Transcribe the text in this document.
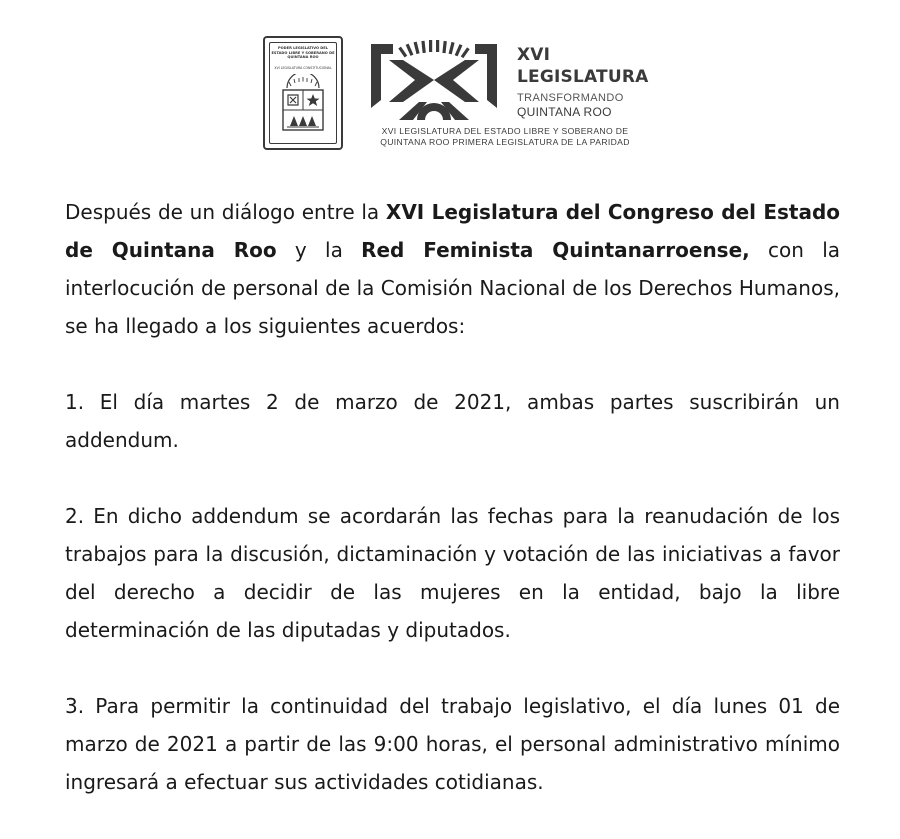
PODER LEGISLATIVO DEL ESTADO LIBRE Y SOBERANO DE QUINTANA ROO
XVI LEGISLATURA CONSTITUCIONAL
XVI
LEGISLATURA
TRANSFORMANDO
QUINTANA ROO
XVI LEGISLATURA DEL ESTADO LIBRE Y SOBERANO DE QUINTANA ROO PRIMERA LEGISLATURA DE LA PARIDAD

Después de un diálogo entre la XVI Legislatura del Congreso del Estado de Quintana Roo y la Red Feminista Quintanarroense, con la interlocución de personal de la Comisión Nacional de los Derechos Humanos, se ha llegado a los siguientes acuerdos:

1. El día martes 2 de marzo de 2021, ambas partes suscribirán un addendum.

2. En dicho addendum se acordarán las fechas para la reanudación de los trabajos para la discusión, dictaminación y votación de las iniciativas a favor del derecho a decidir de las mujeres en la entidad, bajo la libre determinación de las diputadas y diputados.

3. Para permitir la continuidad del trabajo legislativo, el día lunes 01 de marzo de 2021 a partir de las 9:00 horas, el personal administrativo mínimo ingresará a efectuar sus actividades cotidianas.
